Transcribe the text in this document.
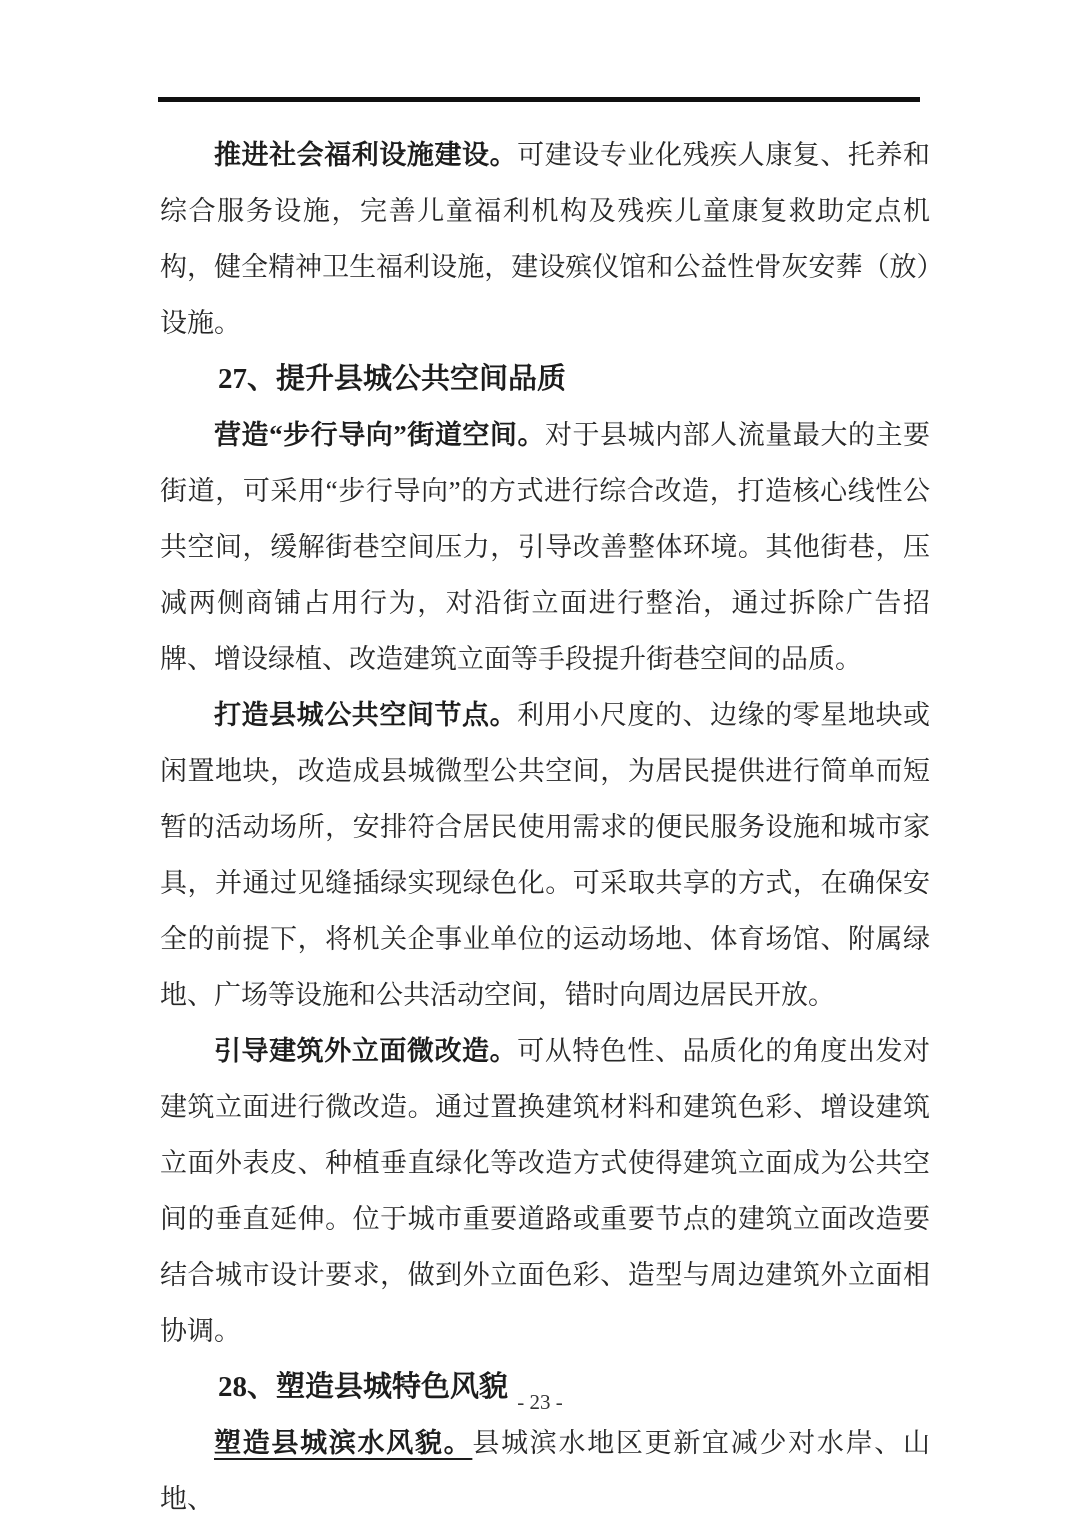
推进社会福利设施建设。可建设专业化残疾人康复、托养和综合服务设施，完善儿童福利机构及残疾儿童康复救助定点机构，健全精神卫生福利设施，建设殡仪馆和公益性骨灰安葬（放）设施。

27、提升县城公共空间品质

营造“步行导向”街道空间。对于县城内部人流量最大的主要街道，可采用“步行导向”的方式进行综合改造，打造核心线性公共空间，缓解街巷空间压力，引导改善整体环境。其他街巷，压减两侧商铺占用行为，对沿街立面进行整治，通过拆除广告招牌、增设绿植、改造建筑立面等手段提升街巷空间的品质。

打造县城公共空间节点。利用小尺度的、边缘的零星地块或闲置地块，改造成县城微型公共空间，为居民提供进行简单而短暂的活动场所，安排符合居民使用需求的便民服务设施和城市家具，并通过见缝插绿实现绿色化。可采取共享的方式，在确保安全的前提下，将机关企事业单位的运动场地、体育场馆、附属绿地、广场等设施和公共活动空间，错时向周边居民开放。

引导建筑外立面微改造。可从特色性、品质化的角度出发对建筑立面进行微改造。通过置换建筑材料和建筑色彩、增设建筑立面外表皮、种植垂直绿化等改造方式使得建筑立面成为公共空间的垂直延伸。位于城市重要道路或重要节点的建筑立面改造要结合城市设计要求，做到外立面色彩、造型与周边建筑外立面相协调。

28、塑造县城特色风貌

塑造县城滨水风貌。县城滨水地区更新宜减少对水岸、山地、

- 23 -
